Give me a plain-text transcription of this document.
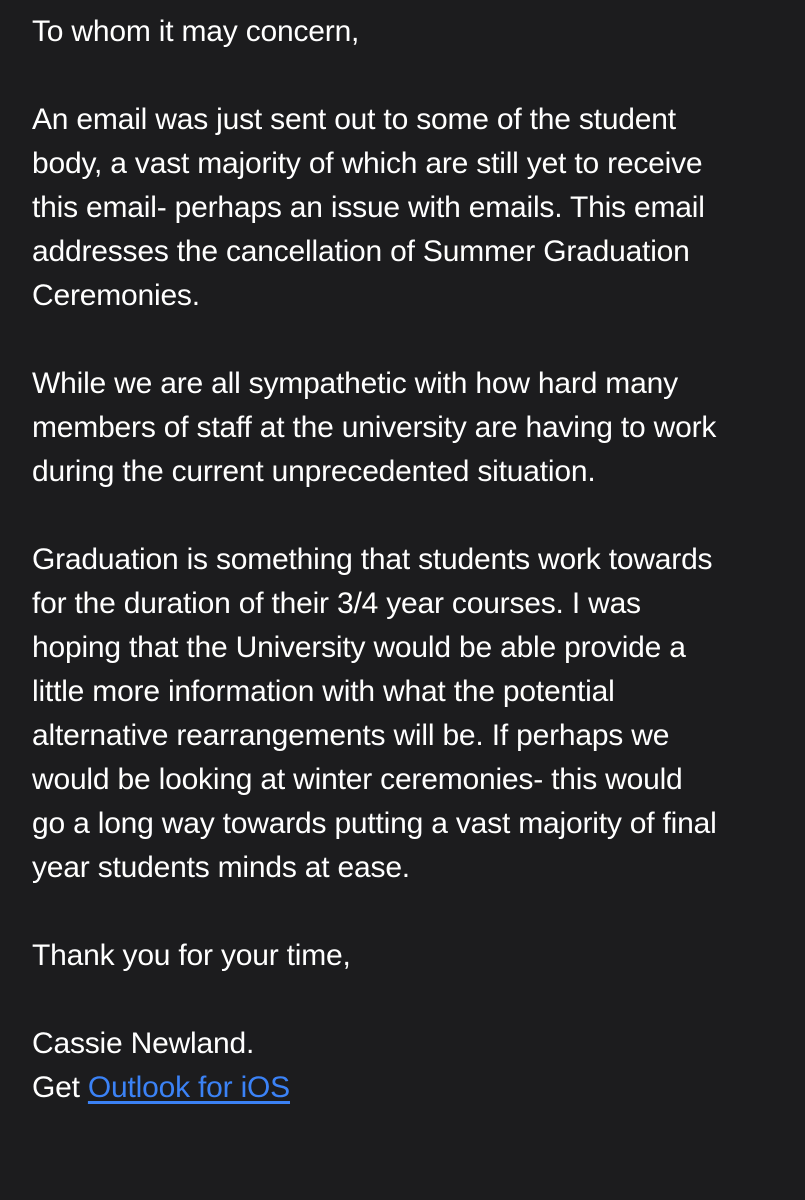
To whom it may concern,

An email was just sent out to some of the student
body, a vast majority of which are still yet to receive
this email- perhaps an issue with emails. This email
addresses the cancellation of Summer Graduation
Ceremonies.

While we are all sympathetic with how hard many
members of staff at the university are having to work
during the current unprecedented situation.

Graduation is something that students work towards
for the duration of their 3/4 year courses. I was
hoping that the University would be able provide a
little more information with what the potential
alternative rearrangements will be. If perhaps we
would be looking at winter ceremonies- this would
go a long way towards putting a vast majority of final
year students minds at ease.

Thank you for your time,

Cassie Newland.
Get Outlook for iOS
